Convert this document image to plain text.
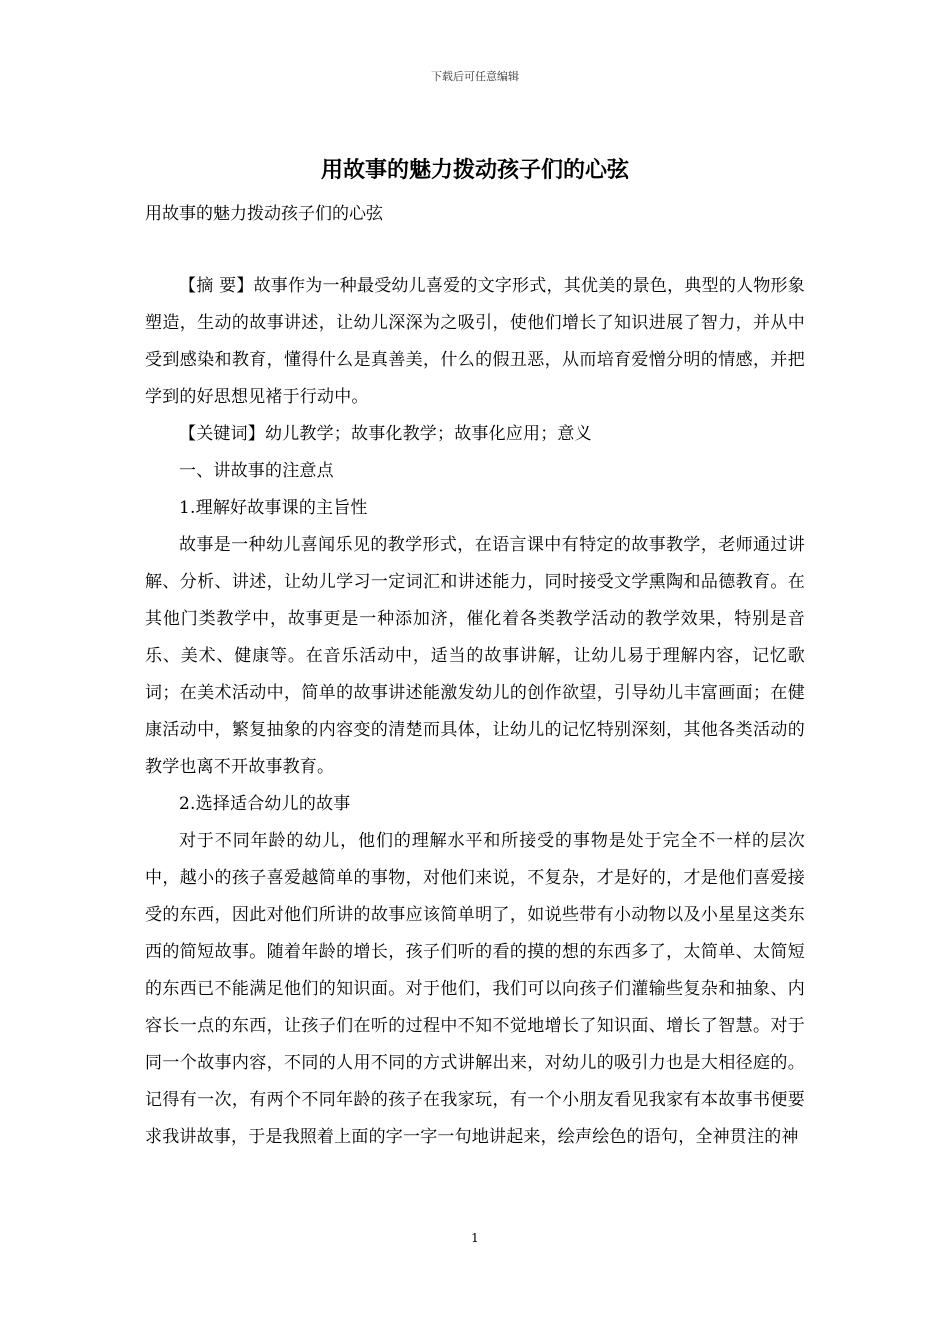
下载后可任意编辑
用故事的魅力拨动孩子们的心弦
用故事的魅力拨动孩子们的心弦

【摘 要】故事作为一种最受幼儿喜爱的文字形式，其优美的景色，典型的人物形象塑造，生动的故事讲述，让幼儿深深为之吸引，使他们增长了知识进展了智力，并从中受到感染和教育，懂得什么是真善美，什么的假丑恶，从而培育爱憎分明的情感，并把学到的好思想见褚于行动中。

【关键词】幼儿教学；故事化教学；故事化应用；意义

一、讲故事的注意点

1.理解好故事课的主旨性

故事是一种幼儿喜闻乐见的教学形式，在语言课中有特定的故事教学，老师通过讲解、分析、讲述，让幼儿学习一定词汇和讲述能力，同时接受文学熏陶和品德教育。在其他门类教学中，故事更是一种添加济，催化着各类教学活动的教学效果，特别是音乐、美术、健康等。在音乐活动中，适当的故事讲解，让幼儿易于理解内容，记忆歌词；在美术活动中，简单的故事讲述能激发幼儿的创作欲望，引导幼儿丰富画面；在健康活动中，繁复抽象的内容变的清楚而具体，让幼儿的记忆特别深刻，其他各类活动的教学也离不开故事教育。

2.选择适合幼儿的故事

对于不同年龄的幼儿，他们的理解水平和所接受的事物是处于完全不一样的层次中，越小的孩子喜爱越简单的事物，对他们来说，不复杂，才是好的，才是他们喜爱接受的东西，因此对他们所讲的故事应该简单明了，如说些带有小动物以及小星星这类东西的简短故事。随着年龄的增长，孩子们听的看的摸的想的东西多了，太简单、太简短的东西已不能满足他们的知识面。对于他们，我们可以向孩子们灌输些复杂和抽象、内容长一点的东西，让孩子们在听的过程中不知不觉地增长了知识面、增长了智慧。对于同一个故事内容，不同的人用不同的方式讲解出来，对幼儿的吸引力也是大相径庭的。记得有一次，有两个不同年龄的孩子在我家玩，有一个小朋友看见我家有本故事书便要求我讲故事，于是我照着上面的字一字一句地讲起来，绘声绘色的语句，全神贯注的神

1
